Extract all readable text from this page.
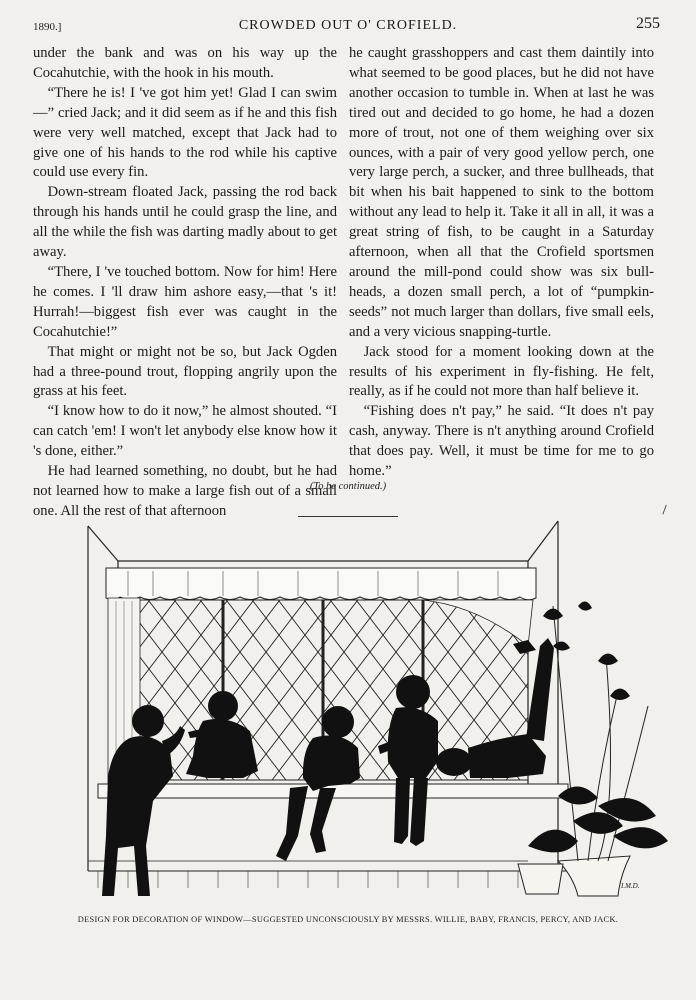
1890.]	CROWDED OUT O' CROFIELD.	255

under the bank and was on his way up the Cocahutchie, with the hook in his mouth.

“There he is! I 've got him yet! Glad I can swim—” cried Jack; and it did seem as if he and this fish were very well matched, except that Jack had to give one of his hands to the rod while his captive could use every fin.

Down-stream floated Jack, passing the rod back through his hands until he could grasp the line, and all the while the fish was darting madly about to get away.

“There, I 've touched bottom. Now for him! Here he comes. I 'll draw him ashore easy,—that 's it! Hurrah!—biggest fish ever was caught in the Cocahutchie!”

That might or might not be so, but Jack Ogden had a three-pound trout, flopping angrily upon the grass at his feet.

“I know how to do it now,” he almost shouted. “I can catch 'em! I won't let anybody else know how it 's done, either.”

He had learned something, no doubt, but he had not learned how to make a large fish out of a small one. All the rest of that afternoon

he caught grasshoppers and cast them daintily into what seemed to be good places, but he did not have another occasion to tumble in. When at last he was tired out and decided to go home, he had a dozen more of trout, not one of them weighing over six ounces, with a pair of very good yellow perch, one very large perch, a sucker, and three bullheads, that bit when his bait happened to sink to the bottom without any lead to help it. Take it all in all, it was a great string of fish, to be caught in a Saturday afternoon, when all that the Crofield sportsmen around the mill-pond could show was six bull-heads, a dozen small perch, a lot of “pumpkin-seeds” not much larger than dollars, five small eels, and a very vicious snapping-turtle.

Jack stood for a moment looking down at the results of his experiment in fly-fishing. He felt, really, as if he could not more than half believe it.

“Fishing does n't pay,” he said. “It does n't pay cash, anyway. There is n't anything around Crofield that does pay. Well, it must be time for me to go home.”

(To be continued.)
I.M.D.
DESIGN FOR DECORATION OF WINDOW—SUGGESTED UNCONSCIOUSLY BY MESSRS. WILLIE, BABY, FRANCIS, PERCY, AND JACK.
